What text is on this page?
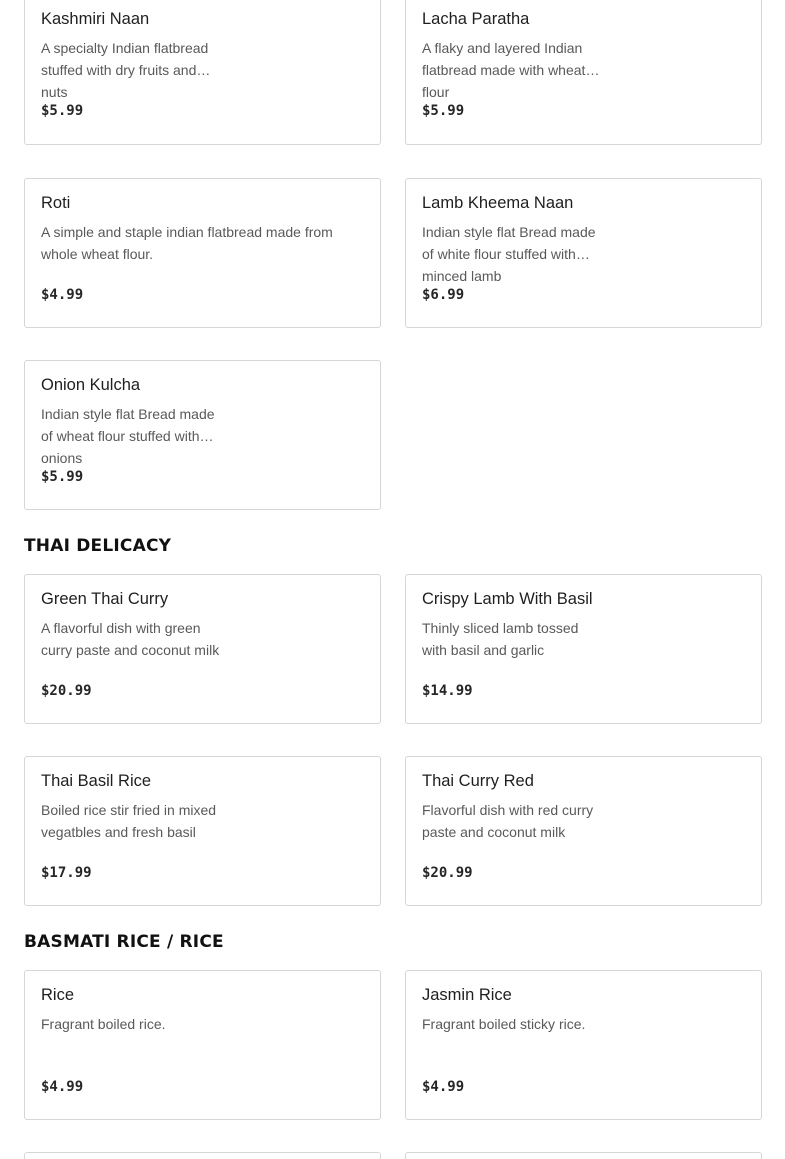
Kashmiri Naan
A specialty Indian flatbread stuffed with dry fruits and nuts
$5.99
Lacha Paratha
A flaky and layered Indian flatbread made with wheat flour
$5.99
Roti
A simple and staple indian flatbread made from whole wheat flour.
$4.99
Lamb Kheema Naan
Indian style flat Bread made of white flour stuffed with minced lamb
$6.99
Onion Kulcha
Indian style flat Bread made of wheat flour stuffed with onions
$5.99
THAI DELICACY
Green Thai Curry
A flavorful dish with green curry paste and coconut milk
$20.99
Crispy Lamb With Basil
Thinly sliced lamb tossed with basil and garlic
$14.99
Thai Basil Rice
Boiled rice stir fried in mixed vegatbles and fresh basil
$17.99
Thai Curry Red
Flavorful dish with red curry paste and coconut milk
$20.99
BASMATI RICE / RICE
Rice
Fragrant boiled rice.
$4.99
Jasmin Rice
Fragrant boiled sticky rice.
$4.99
